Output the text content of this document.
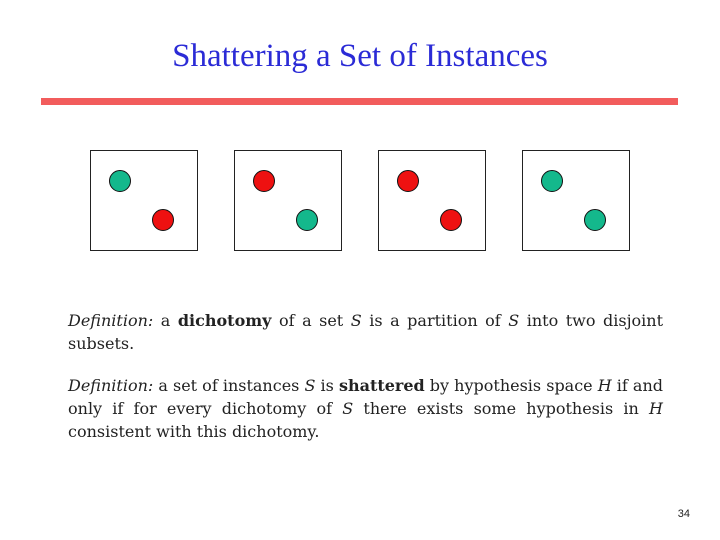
Shattering a Set of Instances

Definition: a dichotomy of a set S is a partition of S into two disjoint subsets.

Definition: a set of instances S is shattered by hypothesis space H if and only if for every dichotomy of S there exists some hypothesis in H consistent with this dichotomy.

34
